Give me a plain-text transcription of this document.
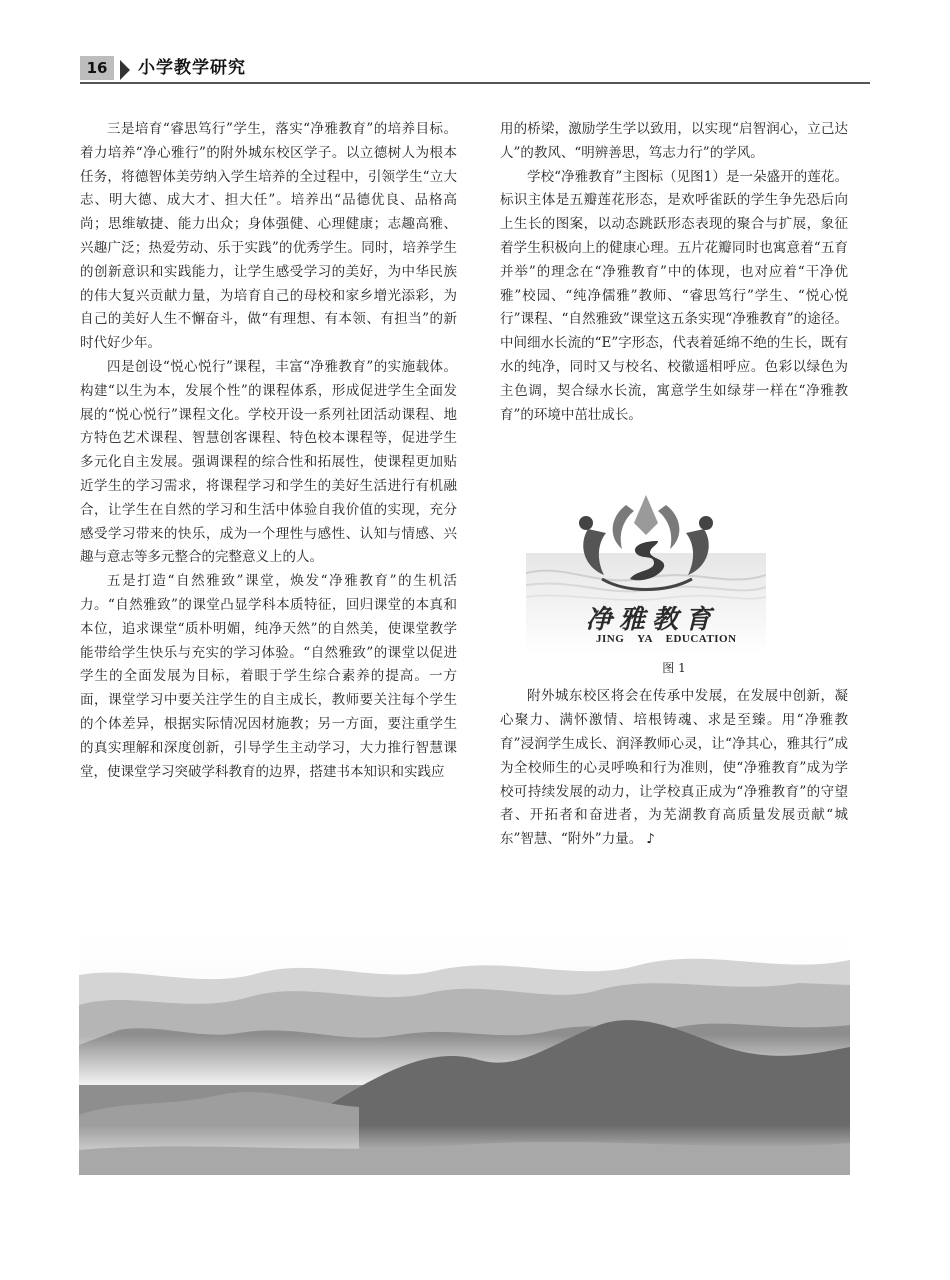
16	小学教学研究

三是培育“睿思笃行”学生，落实“净雅教育”的培养目标。着力培养“净心雅行”的附外城东校区学子。以立德树人为根本任务，将德智体美劳纳入学生培养的全过程中，引领学生“立大志、明大德、成大才、担大任”。培养出“品德优良、品格高尚；思维敏捷、能力出众；身体强健、心理健康；志趣高雅、兴趣广泛；热爱劳动、乐于实践”的优秀学生。同时，培养学生的创新意识和实践能力，让学生感受学习的美好，为中华民族的伟大复兴贡献力量，为培育自己的母校和家乡增光添彩，为自己的美好人生不懈奋斗，做“有理想、有本领、有担当”的新时代好少年。

四是创设“悦心悦行”课程，丰富“净雅教育”的实施载体。构建“以生为本，发展个性”的课程体系，形成促进学生全面发展的“悦心悦行”课程文化。学校开设一系列社团活动课程、地方特色艺术课程、智慧创客课程、特色校本课程等，促进学生多元化自主发展。强调课程的综合性和拓展性，使课程更加贴近学生的学习需求，将课程学习和学生的美好生活进行有机融合，让学生在自然的学习和生活中体验自我价值的实现，充分感受学习带来的快乐，成为一个理性与感性、认知与情感、兴趣与意志等多元整合的完整意义上的人。

五是打造“自然雅致”课堂，焕发“净雅教育”的生机活力。“自然雅致”的课堂凸显学科本质特征，回归课堂的本真和本位，追求课堂“质朴明媚，纯净天然”的自然美，使课堂教学能带给学生快乐与充实的学习体验。“自然雅致”的课堂以促进学生的全面发展为目标，着眼于学生综合素养的提高。一方面，课堂学习中要关注学生的自主成长，教师要关注每个学生的个体差异，根据实际情况因材施教；另一方面，要注重学生的真实理解和深度创新，引导学生主动学习，大力推行智慧课堂，使课堂学习突破学科教育的边界，搭建书本知识和实践应

用的桥梁，激励学生学以致用，以实现“启智润心，立己达人”的教风、“明辨善思，笃志力行”的学风。

学校“净雅教育”主图标（见图1）是一朵盛开的莲花。标识主体是五瓣莲花形态，是欢呼雀跃的学生争先恐后向上生长的图案，以动态跳跃形态表现的聚合与扩展，象征着学生积极向上的健康心理。五片花瓣同时也寓意着“五育并举”的理念在“净雅教育”中的体现，也对应着“干净优雅”校园、“纯净儒雅”教师、“睿思笃行”学生、“悦心悦行”课程、“自然雅致”课堂这五条实现“净雅教育”的途径。中间细水长流的“E”字形态，代表着延绵不绝的生长，既有水的纯净，同时又与校名、校徽遥相呼应。色彩以绿色为主色调，契合绿水长流，寓意学生如绿芽一样在“净雅教育”的环境中茁壮成长。

净雅教育
JING YA EDUCATION
图 1

附外城东校区将会在传承中发展，在发展中创新，凝心聚力、满怀激情、培根铸魂、求是至臻。用“净雅教育”浸润学生成长、润泽教师心灵，让“净其心，雅其行”成为全校师生的心灵呼唤和行为准则，使“净雅教育”成为学校可持续发展的动力，让学校真正成为“净雅教育”的守望者、开拓者和奋进者，为芜湖教育高质量发展贡献“城东”智慧、“附外”力量。 ♪
